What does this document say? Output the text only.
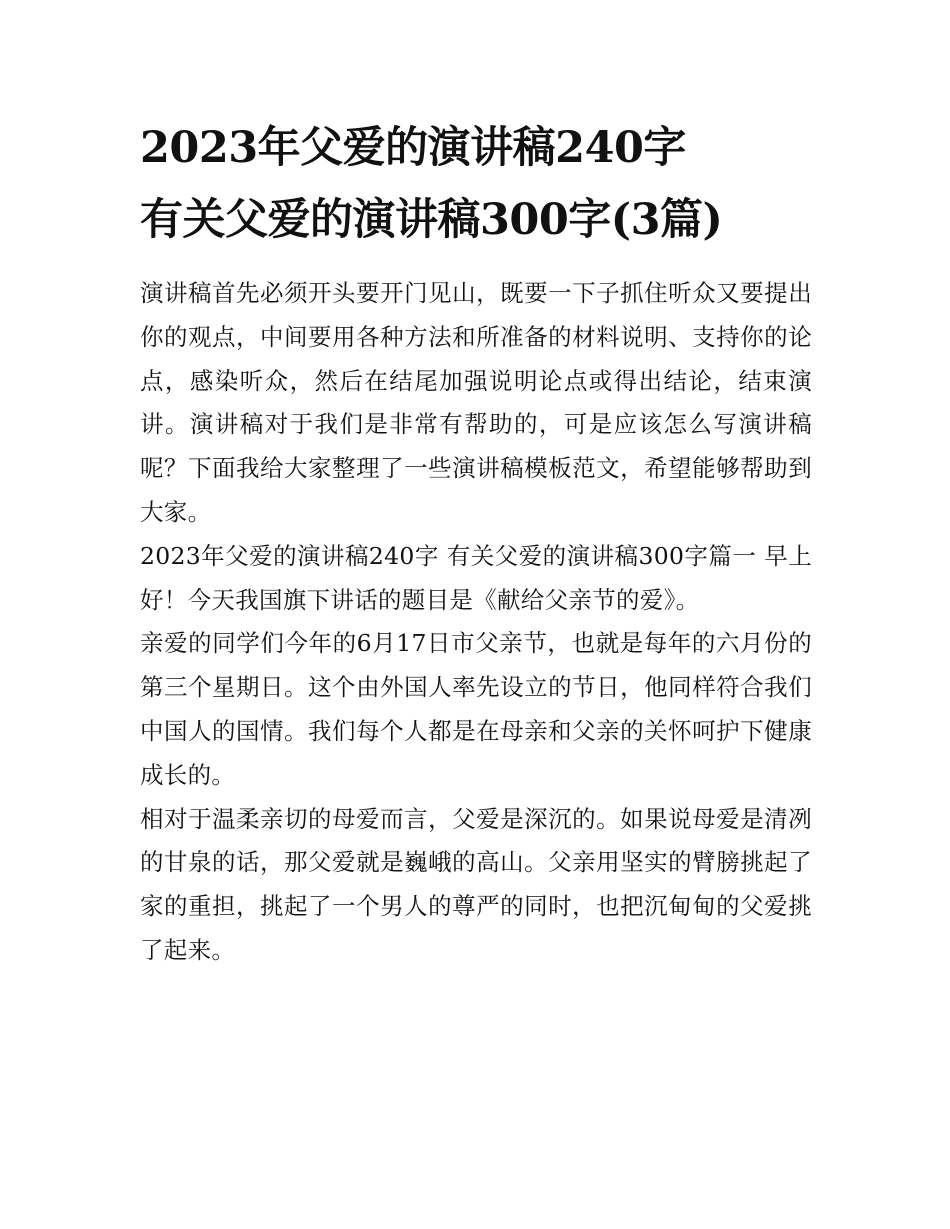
2023年父爱的演讲稿240字
有关父爱的演讲稿300字(3篇)

演讲稿首先必须开头要开门见山，既要一下子抓住听众又要提出你的观点，中间要用各种方法和所准备的材料说明、支持你的论点，感染听众，然后在结尾加强说明论点或得出结论，结束演讲。演讲稿对于我们是非常有帮助的，可是应该怎么写演讲稿呢？下面我给大家整理了一些演讲稿模板范文，希望能够帮助到大家。

2023年父爱的演讲稿240字 有关父爱的演讲稿300字篇一 早上好！今天我国旗下讲话的题目是《献给父亲节的爱》。

亲爱的同学们今年的6月17日市父亲节，也就是每年的六月份的第三个星期日。这个由外国人率先设立的节日，他同样符合我们中国人的国情。我们每个人都是在母亲和父亲的关怀呵护下健康成长的。

相对于温柔亲切的母爱而言，父爱是深沉的。如果说母爱是清冽的甘泉的话，那父爱就是巍峨的高山。父亲用坚实的臂膀挑起了家的重担，挑起了一个男人的尊严的同时，也把沉甸甸的父爱挑了起来。
